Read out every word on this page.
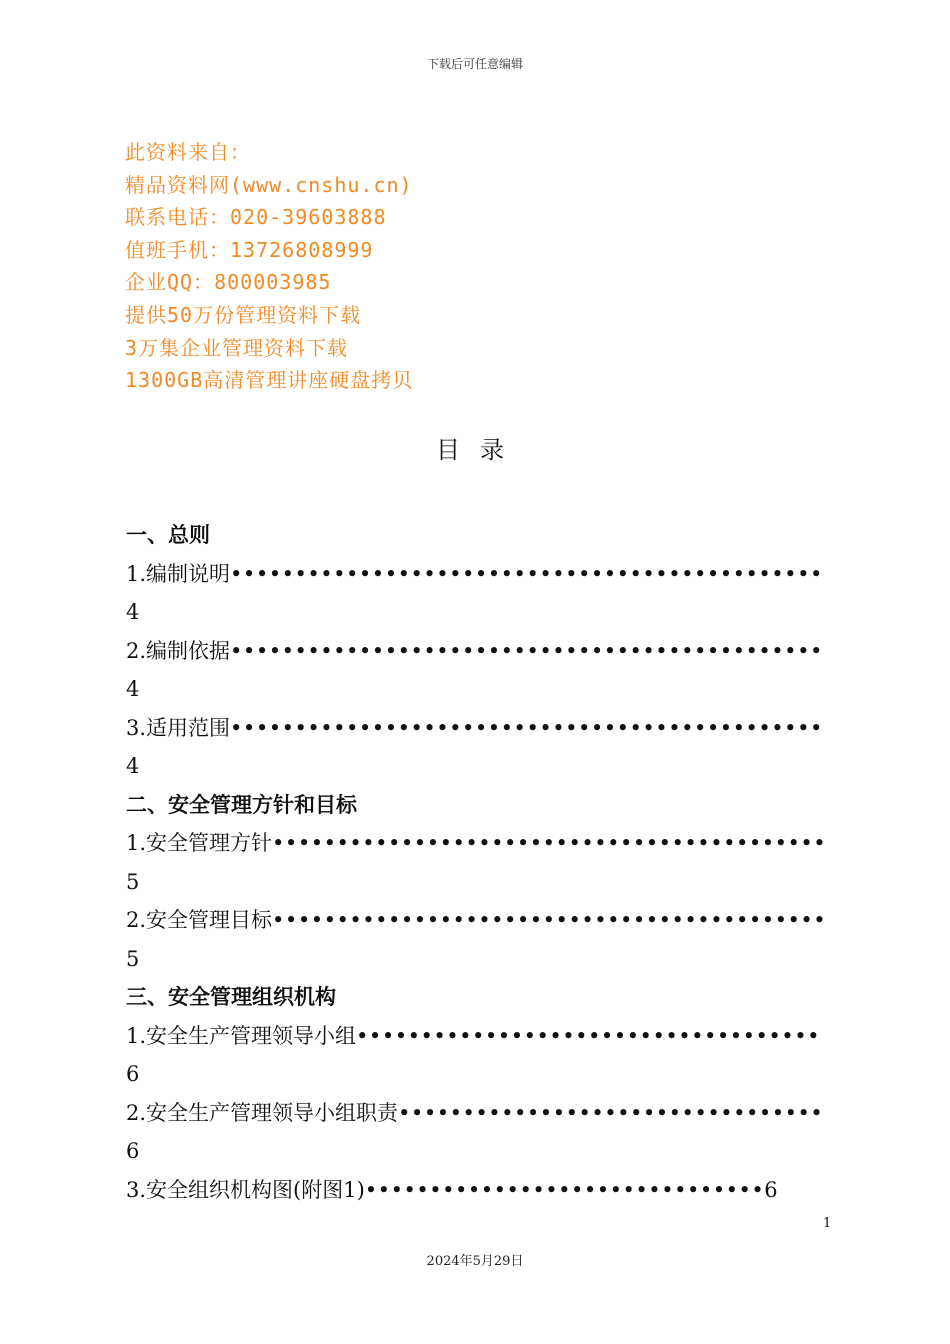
下载后可任意编辑
此资料来自：
精品资料网(www.cnshu.cn)
联系电话：020-39603888
值班手机：13726808999
企业QQ：800003985
提供50万份管理资料下载
3万集企业管理资料下载
1300GB高清管理讲座硬盘拷贝
目录
一、总则
1.编制说明••••••••••••••••••••••••••••••••••••••••••••••
4
2.编制依据••••••••••••••••••••••••••••••••••••••••••••••
4
3.适用范围••••••••••••••••••••••••••••••••••••••••••••••
4
二、安全管理方针和目标
1.安全管理方针•••••••••••••••••••••••••••••••••••••••••••
5
2.安全管理目标•••••••••••••••••••••••••••••••••••••••••••
5
三、安全管理组织机构
1.安全生产管理领导小组••••••••••••••••••••••••••••••••••••
6
2.安全生产管理领导小组职责•••••••••••••••••••••••••••••••••
6
3.安全组织机构图(附图1)•••••••••••••••••••••••••••••••6
1
2024年5月29日
